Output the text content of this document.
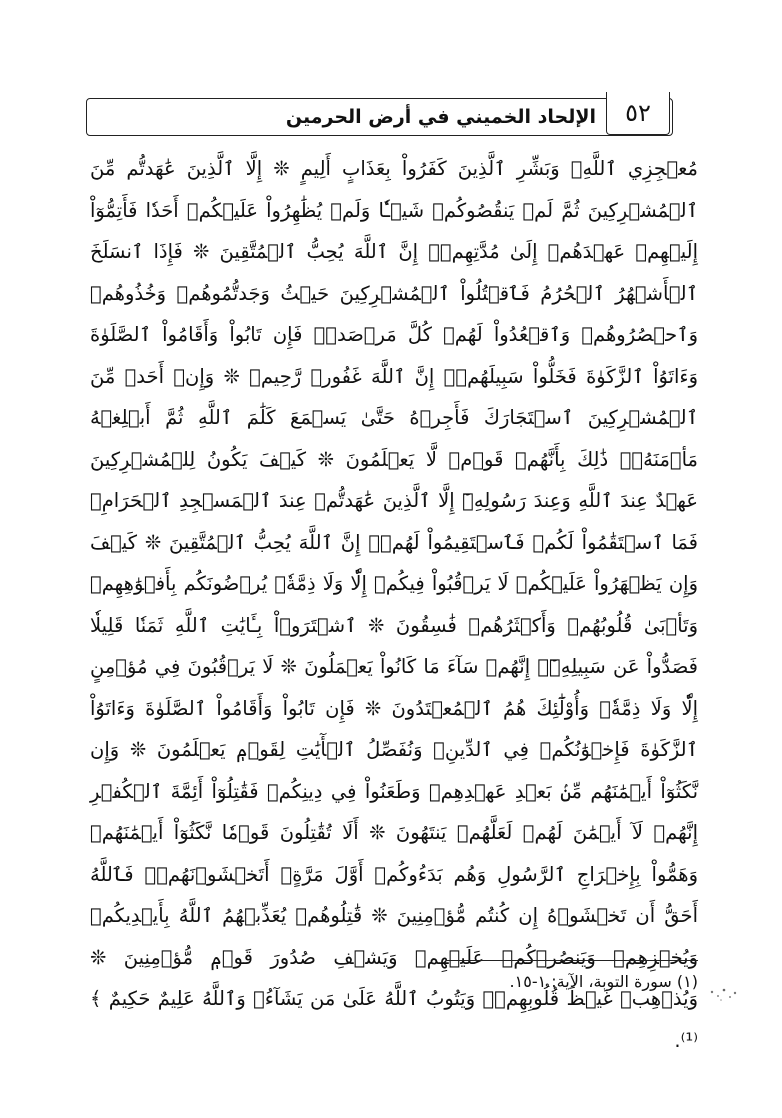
الإلحاد الخميني في أرض الحرمين	٥٢
مُعۡجِزِي ٱللَّهِۙ وَبَشِّرِ ٱلَّذِينَ كَفَرُواْ بِعَذَابٍ أَلِيمٍ ❊ إِلَّا ٱلَّذِينَ عَٰهَدتُّم مِّنَ ٱلۡمُشۡرِكِينَ ثُمَّ لَمۡ يَنقُصُوكُمۡ شَيۡـٔٗا وَلَمۡ يُظَٰهِرُواْ عَلَيۡكُمۡ أَحَدٗا فَأَتِمُّوٓاْ إِلَيۡهِمۡ عَهۡدَهُمۡ إِلَىٰ مُدَّتِهِمۡۚ إِنَّ ٱللَّهَ يُحِبُّ ٱلۡمُتَّقِينَ ❊ فَإِذَا ٱنسَلَخَ ٱلۡأَشۡهُرُ ٱلۡحُرُمُ فَٱقۡتُلُواْ ٱلۡمُشۡرِكِينَ حَيۡثُ وَجَدتُّمُوهُمۡ وَخُذُوهُمۡ وَٱحۡصُرُوهُمۡ وَٱقۡعُدُواْ لَهُمۡ كُلَّ مَرۡصَدٖۚ فَإِن تَابُواْ وَأَقَامُواْ ٱلصَّلَوٰةَ وَءَاتَوُاْ ٱلزَّكَوٰةَ فَخَلُّواْ سَبِيلَهُمۡۚ إِنَّ ٱللَّهَ غَفُورٞ رَّحِيمٞ ❊ وَإِنۡ أَحَدٞ مِّنَ ٱلۡمُشۡرِكِينَ ٱسۡتَجَارَكَ فَأَجِرۡهُ حَتَّىٰ يَسۡمَعَ كَلَٰمَ ٱللَّهِ ثُمَّ أَبۡلِغۡهُ مَأۡمَنَهُۥۚ ذَٰلِكَ بِأَنَّهُمۡ قَوۡمٞ لَّا يَعۡلَمُونَ ❊ كَيۡفَ يَكُونُ لِلۡمُشۡرِكِينَ عَهۡدٌ عِندَ ٱللَّهِ وَعِندَ رَسُولِهِۦٓ إِلَّا ٱلَّذِينَ عَٰهَدتُّمۡ عِندَ ٱلۡمَسۡجِدِ ٱلۡحَرَامِۖ فَمَا ٱسۡتَقَٰمُواْ لَكُمۡ فَٱسۡتَقِيمُواْ لَهُمۡۚ إِنَّ ٱللَّهَ يُحِبُّ ٱلۡمُتَّقِينَ ❊ كَيۡفَ وَإِن يَظۡهَرُواْ عَلَيۡكُمۡ لَا يَرۡقُبُواْ فِيكُمۡ إِلّٗا وَلَا ذِمَّةٗۚ يُرۡضُونَكُم بِأَفۡوَٰهِهِمۡ وَتَأۡبَىٰ قُلُوبُهُمۡ وَأَكۡثَرُهُمۡ فَٰسِقُونَ ❊ ٱشۡتَرَوۡاْ بِـَٔايَٰتِ ٱللَّهِ ثَمَنٗا قَلِيلٗا فَصَدُّواْ عَن سَبِيلِهِۦٓۚ إِنَّهُمۡ سَآءَ مَا كَانُواْ يَعۡمَلُونَ ❊ لَا يَرۡقُبُونَ فِي مُؤۡمِنٍ إِلّٗا وَلَا ذِمَّةٗۚ وَأُوْلَٰٓئِكَ هُمُ ٱلۡمُعۡتَدُونَ ❊ فَإِن تَابُواْ وَأَقَامُواْ ٱلصَّلَوٰةَ وَءَاتَوُاْ ٱلزَّكَوٰةَ فَإِخۡوَٰنُكُمۡ فِي ٱلدِّينِۗ وَنُفَصِّلُ ٱلۡأٓيَٰتِ لِقَوۡمٖ يَعۡلَمُونَ ❊ وَإِن نَّكَثُوٓاْ أَيۡمَٰنَهُم مِّنۢ بَعۡدِ عَهۡدِهِمۡ وَطَعَنُواْ فِي دِينِكُمۡ فَقَٰتِلُوٓاْ أَئِمَّةَ ٱلۡكُفۡرِ إِنَّهُمۡ لَآ أَيۡمَٰنَ لَهُمۡ لَعَلَّهُمۡ يَنتَهُونَ ❊ أَلَا تُقَٰتِلُونَ قَوۡمٗا نَّكَثُوٓاْ أَيۡمَٰنَهُمۡ وَهَمُّواْ بِإِخۡرَاجِ ٱلرَّسُولِ وَهُم بَدَءُوكُمۡ أَوَّلَ مَرَّةٍۚ أَتَخۡشَوۡنَهُمۡۚ فَٱللَّهُ أَحَقُّ أَن تَخۡشَوۡهُ إِن كُنتُم مُّؤۡمِنِينَ ❊ قَٰتِلُوهُمۡ يُعَذِّبۡهُمُ ٱللَّهُ بِأَيۡدِيكُمۡ وَيُخۡزِهِمۡ وَيَنصُرۡكُمۡ عَلَيۡهِمۡ وَيَشۡفِ صُدُورَ قَوۡمٖ مُّؤۡمِنِينَ ❊ وَيُذۡهِبۡ غَيۡظَ قُلُوبِهِمۡۗ وَيَتُوبُ ٱللَّهُ عَلَىٰ مَن يَشَآءُۗ وَٱللَّهُ عَلِيمٌ حَكِيمٌ ﴾⁽¹⁾.
(١) سورة التوبة، الآية: ١-١٥.
